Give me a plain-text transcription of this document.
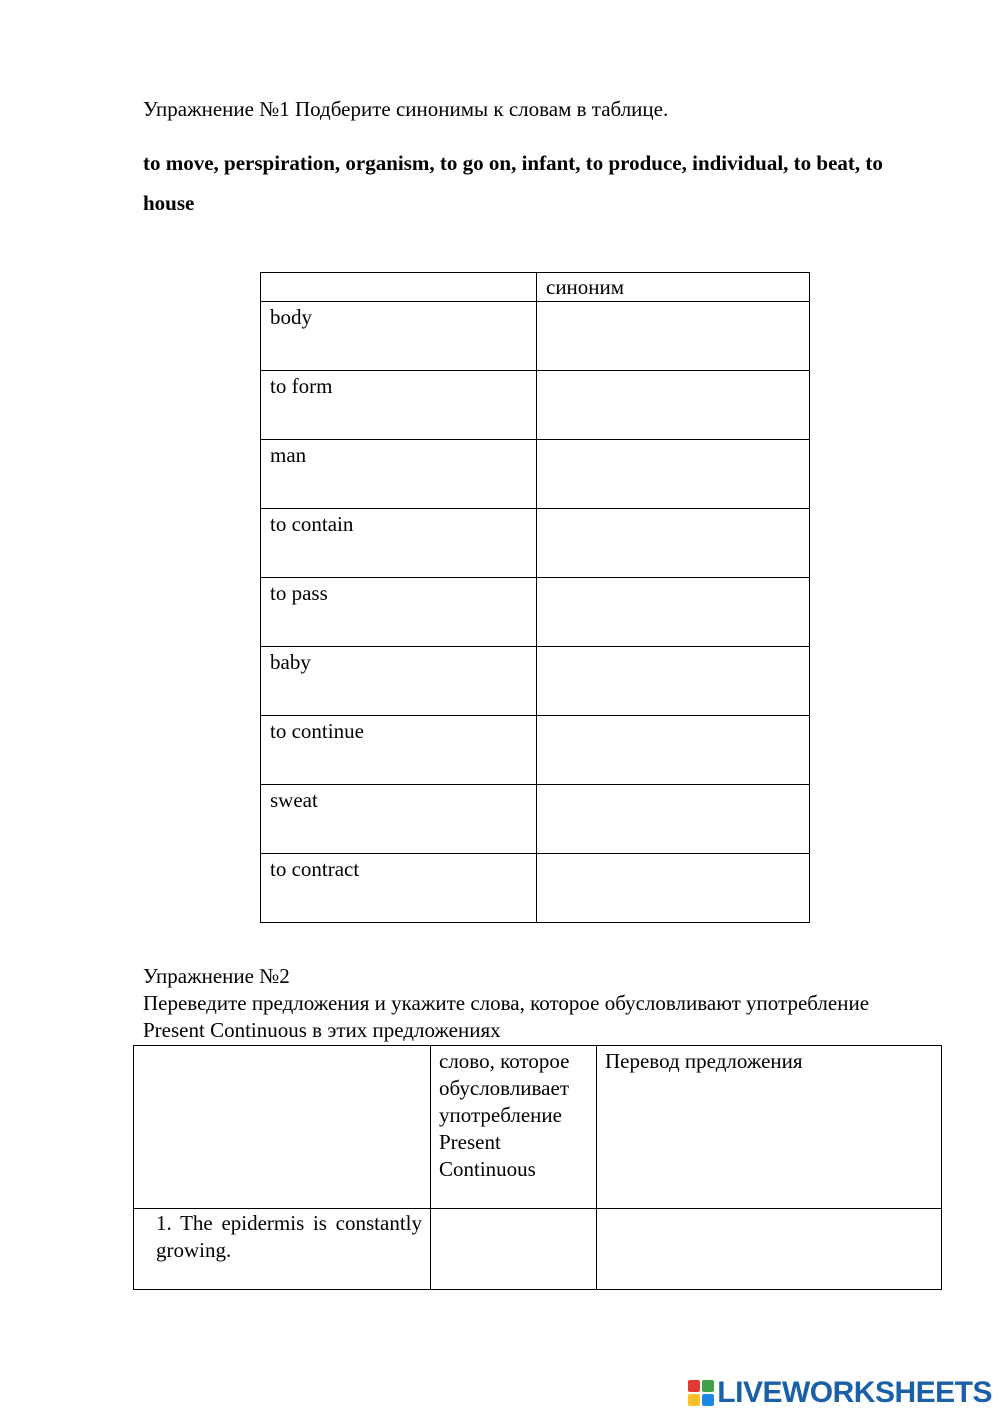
Упражнение №1 Подберите синонимы к словам в таблице.
to move, perspiration, organism, to go on, infant, to produce, individual, to beat, to house
	синоним
body	
to form	
man	
to contain	
to pass	
baby	
to continue	
sweat	
to contract	
Упражнение №2
Переведите предложения и укажите слова, которое обусловливают употребление Present Continuous в этих предложениях

	слово, которое обусловливает употребление Present Continuous	Перевод предложения

1. The epidermis is constantly growing.		

LIVEWORKSHEETS
